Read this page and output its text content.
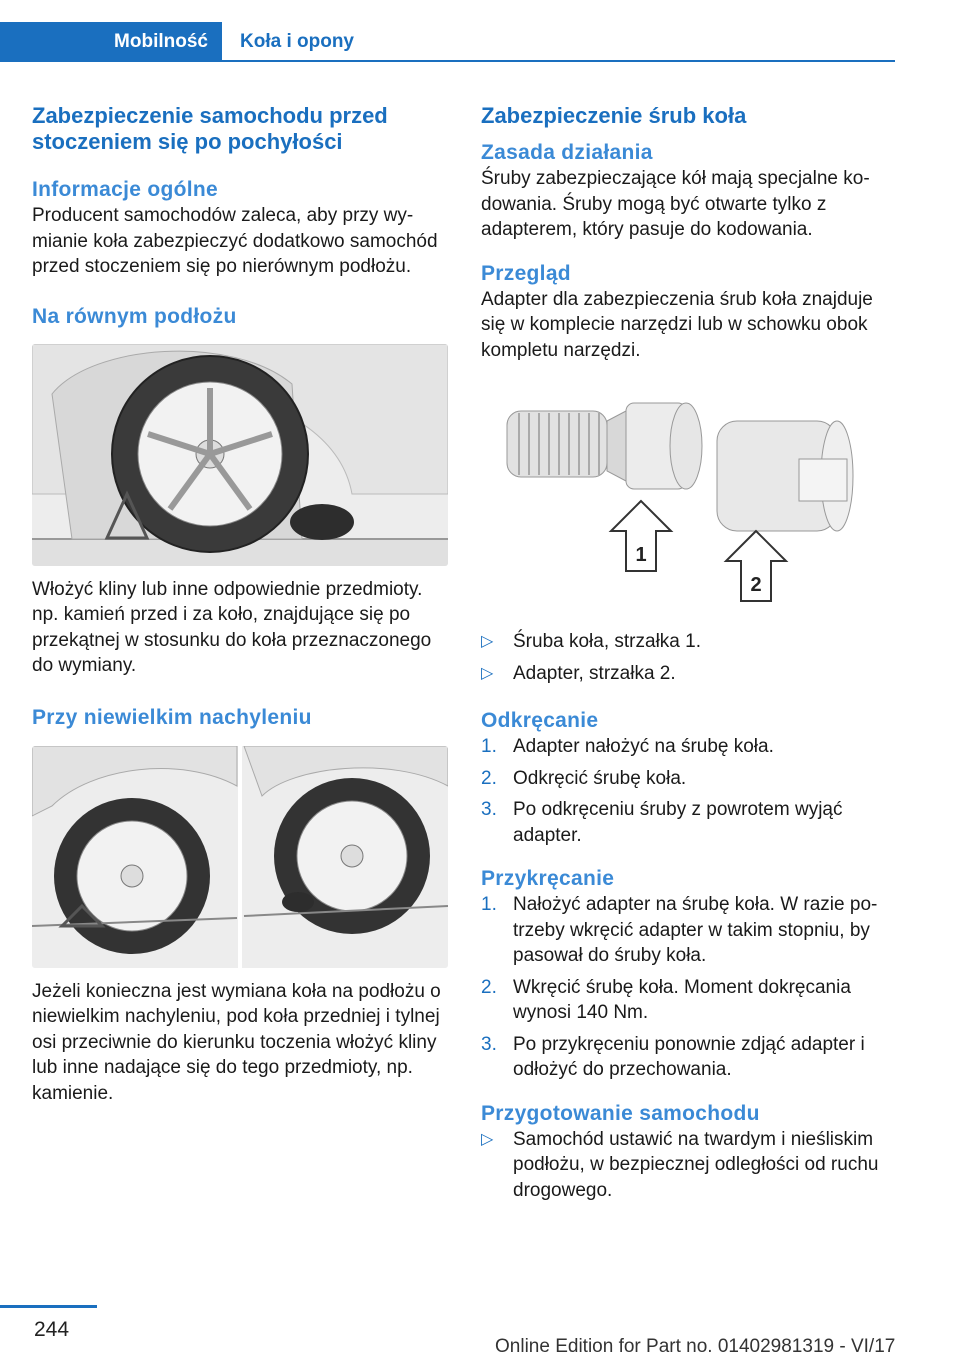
Mobilność	Koła i opony
Zabezpieczenie samochodu przed stoczeniem się po pochyłości
Informacje ogólne

Producent samochodów zaleca, aby przy wymianie koła zabezpieczyć dodatkowo samochód przed stoczeniem się po nierównym podłożu.

Na równym podłożu

Włożyć kliny lub inne odpowiednie przedmioty. np. kamień przed i za koło, znajdujące się po przekątnej w stosunku do koła przeznaczonego do wymiany.

Przy niewielkim nachyleniu

Jeżeli konieczna jest wymiana koła na podłożu o niewielkim nachyleniu, pod koła przedniej i tylnej osi przeciwnie do kierunku toczenia włożyć kliny lub inne nadające się do tego przedmioty, np. kamienie.

Zabezpieczenie śrub koła
Zasada działania

Śruby zabezpieczające kół mają specjalne kodowania. Śruby mogą być otwarte tylko z adapterem, który pasuje do kodowania.

Przegląd

Adapter dla zabezpieczenia śrub koła znajduje się w komplecie narzędzi lub w schowku obok kompletu narzędzi.

1
2
▷ Śruba koła, strzałka 1.
▷ Adapter, strzałka 2.
Odkręcanie
1. Adapter nałożyć na śrubę koła.
2. Odkręcić śrubę koła.
3. Po odkręceniu śruby z powrotem wyjąć adapter.
Przykręcanie
1. Nałożyć adapter na śrubę koła. W razie potrzeby wkręcić adapter w takim stopniu, by pasował do śruby koła.
2. Wkręcić śrubę koła. Moment dokręcania wynosi 140 Nm.
3. Po przykręceniu ponownie zdjąć adapter i odłożyć do przechowania.
Przygotowanie samochodu
▷ Samochód ustawić na twardym i nieśliskim podłożu, w bezpiecznej odległości od ruchu drogowego.
244
Online Edition for Part no. 01402981319 - VI/17
